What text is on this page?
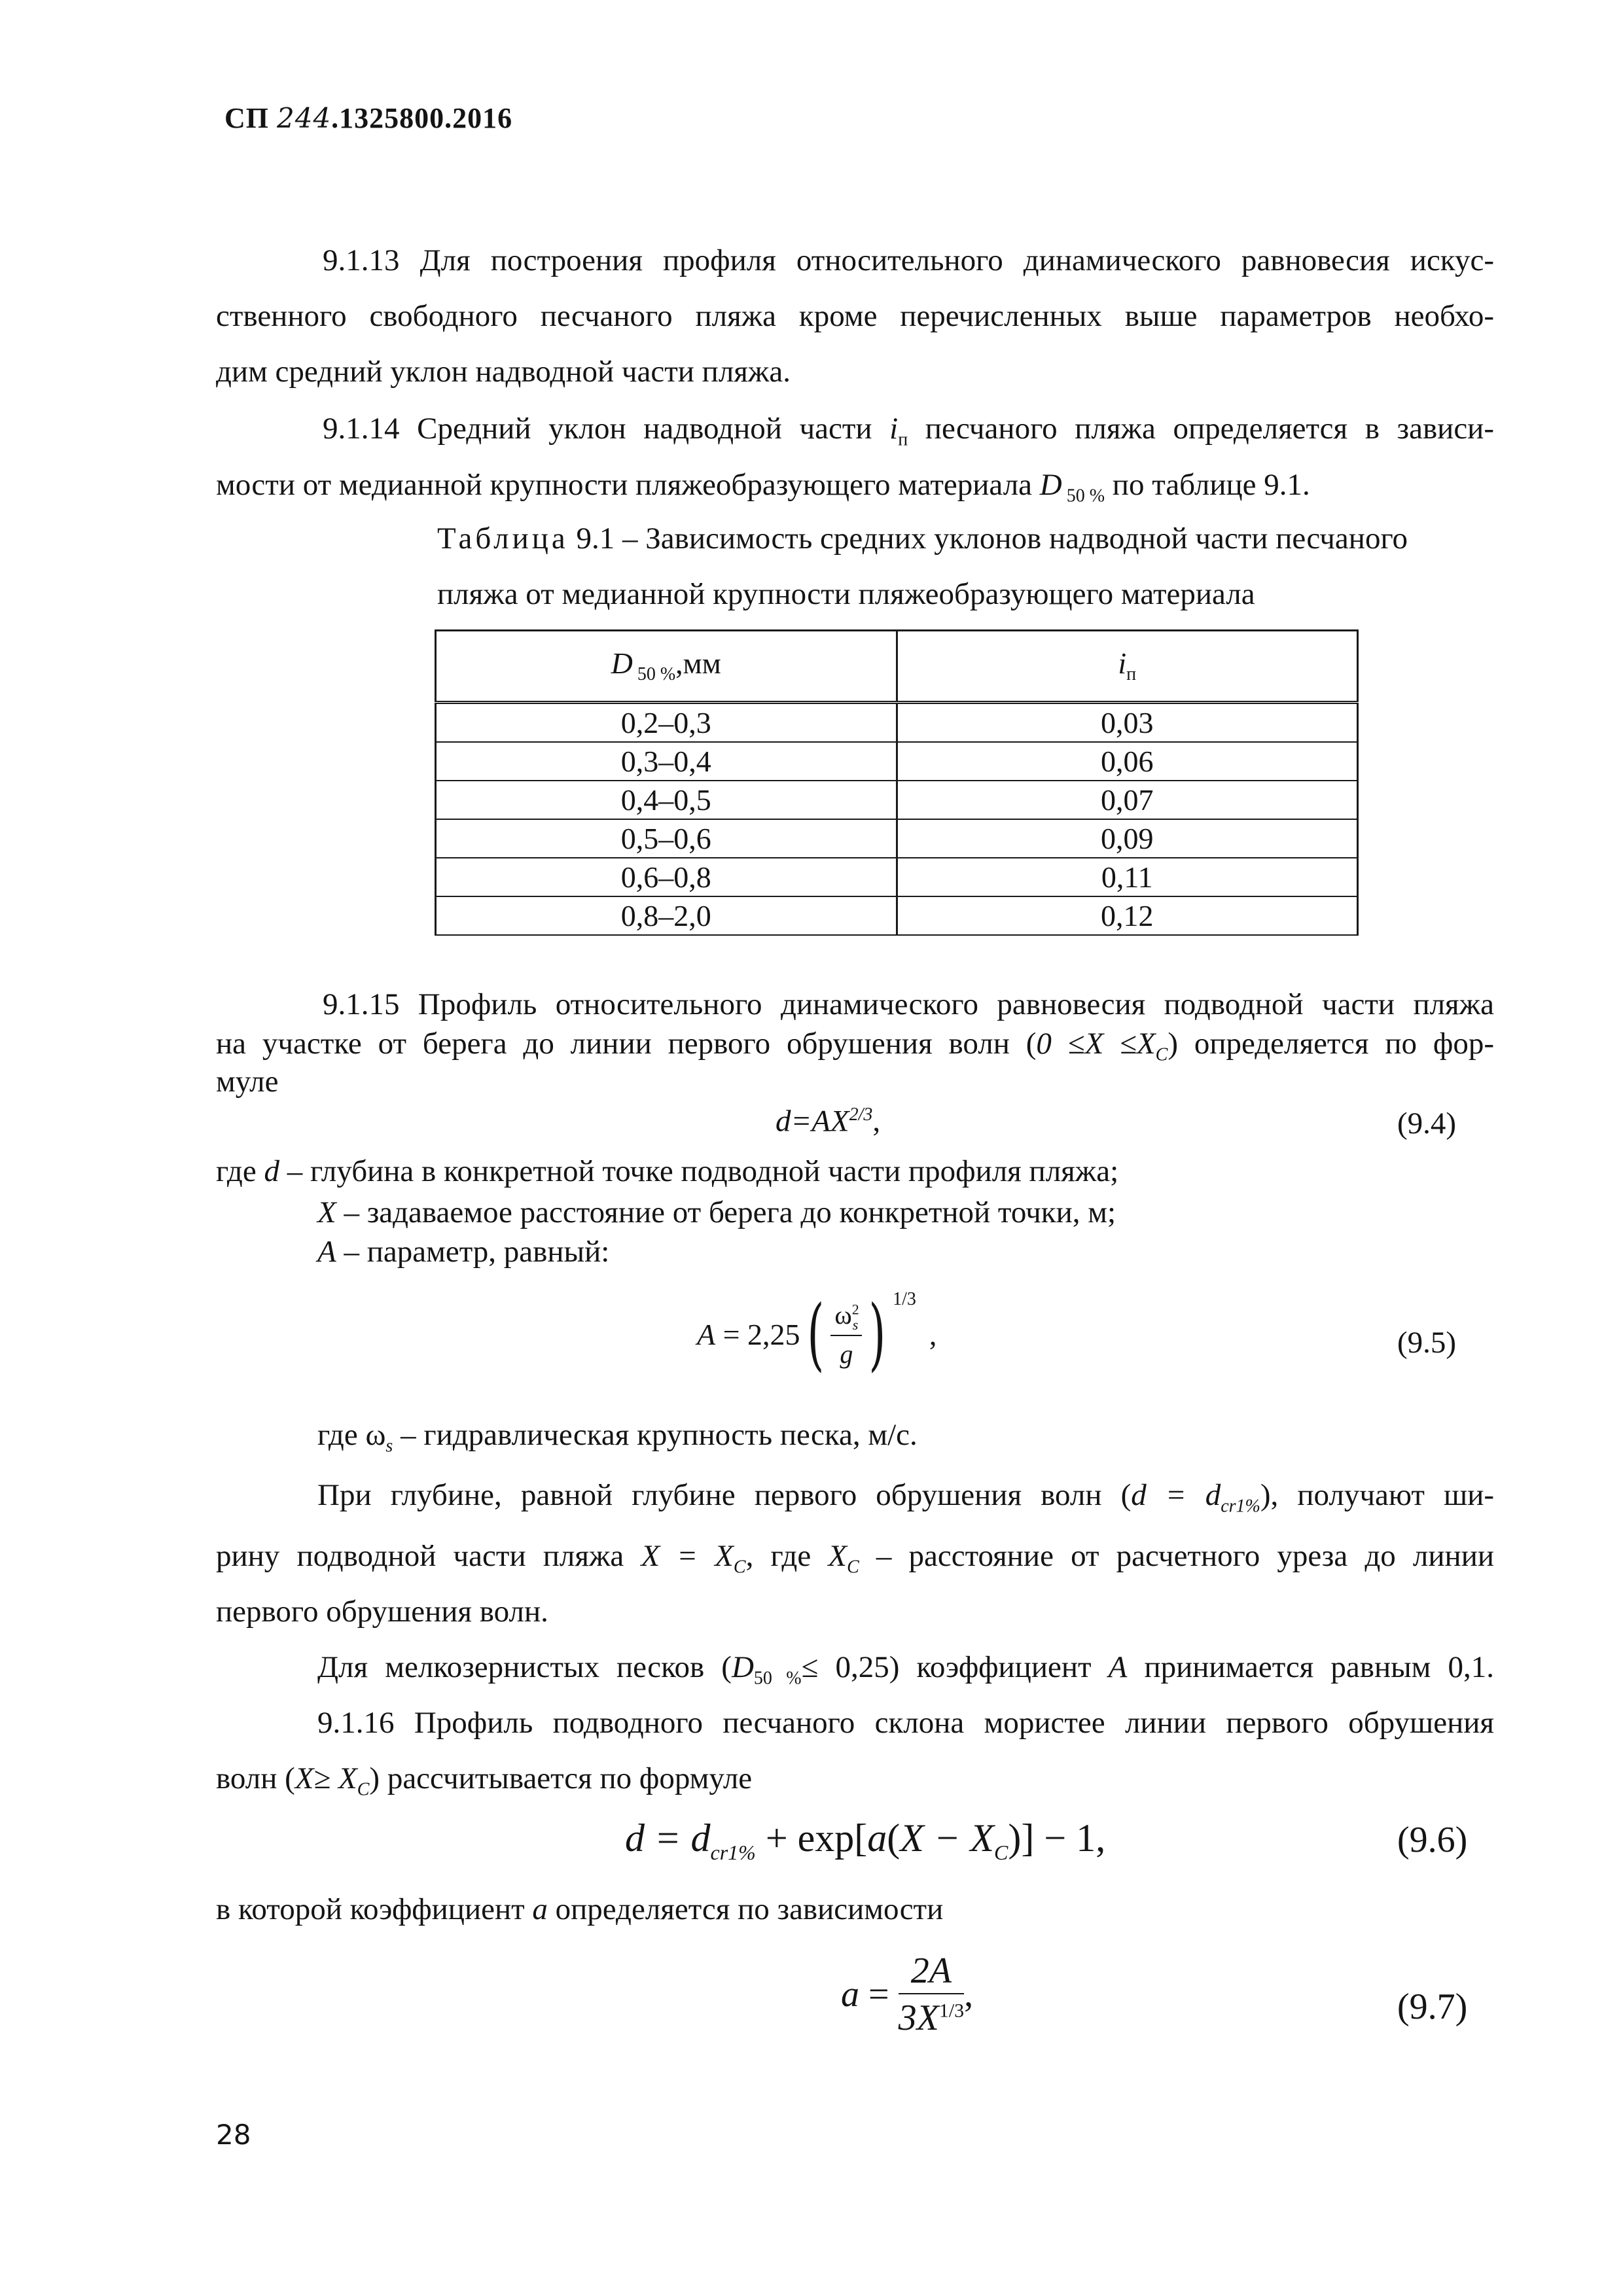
СП 244.1325800.2016
9.1.13 Для построения профиля относительного динамического равновесия искус-
ственного свободного песчаного пляжа кроме перечисленных выше параметров необхо-
дим средний уклон надводной части пляжа.
9.1.14 Средний уклон надводной части $i_п$ песчаного пляжа определяется в зависи-
мости от медианной крупности пляжеобразующего материала D $_{50 \%}$ по таблице 9.1.
Таблица 9.1 – Зависимость средних уклонов надводной части песчаного
пляжа от медианной крупности пляжеобразующего материала
D $_{50 \%}$,мм	$i_п$
0,2–0,3	0,03
0,3–0,4	0,06
0,4–0,5	0,07
0,5–0,6	0,09
0,6–0,8	0,11
0,8–2,0	0,12
9.1.15 Профиль относительного динамического равновесия подводной части пляжа
на участке от берега до линии первого обрушения волн $(0 \le X \le X_C)$ определяется по фор-
муле
$d=AX^{2/3}$,	(9.4)
где d – глубина в конкретной точке подводной части профиля пляжа;
X – задаваемое расстояние от берега до конкретной точки, м;
A – параметр, равный:
$A = 2,25( \frac{\omega^2_s}{g}$ ) $^{1/3}$,	(9.5)
где $\omega_s$ – гидравлическая крупность песка, м/с.
При глубине, равной глубине первого обрушения волн $(d = d_{cr1\%})$, получают ши-
рину подводной части пляжа $X = X_C$, где $X_C$ – расстояние от расчетного уреза до линии
первого обрушения волн.
Для мелкозернистых песков $(D_{50 \%}\le 0,25)$ коэффициент A принимается равным 0,1.
9.1.16 Профиль подводного песчаного склона мористее линии первого обрушения
волн $(X\ge X_C)$ рассчитывается по формуле
$d = d_{cr1\%} + \exp[a(X - X_C)] - 1$,	(9.6)
в которой коэффициент a определяется по зависимости
$a = \frac{2A}{3X^{1/3}}$ ,	(9.7)
28
